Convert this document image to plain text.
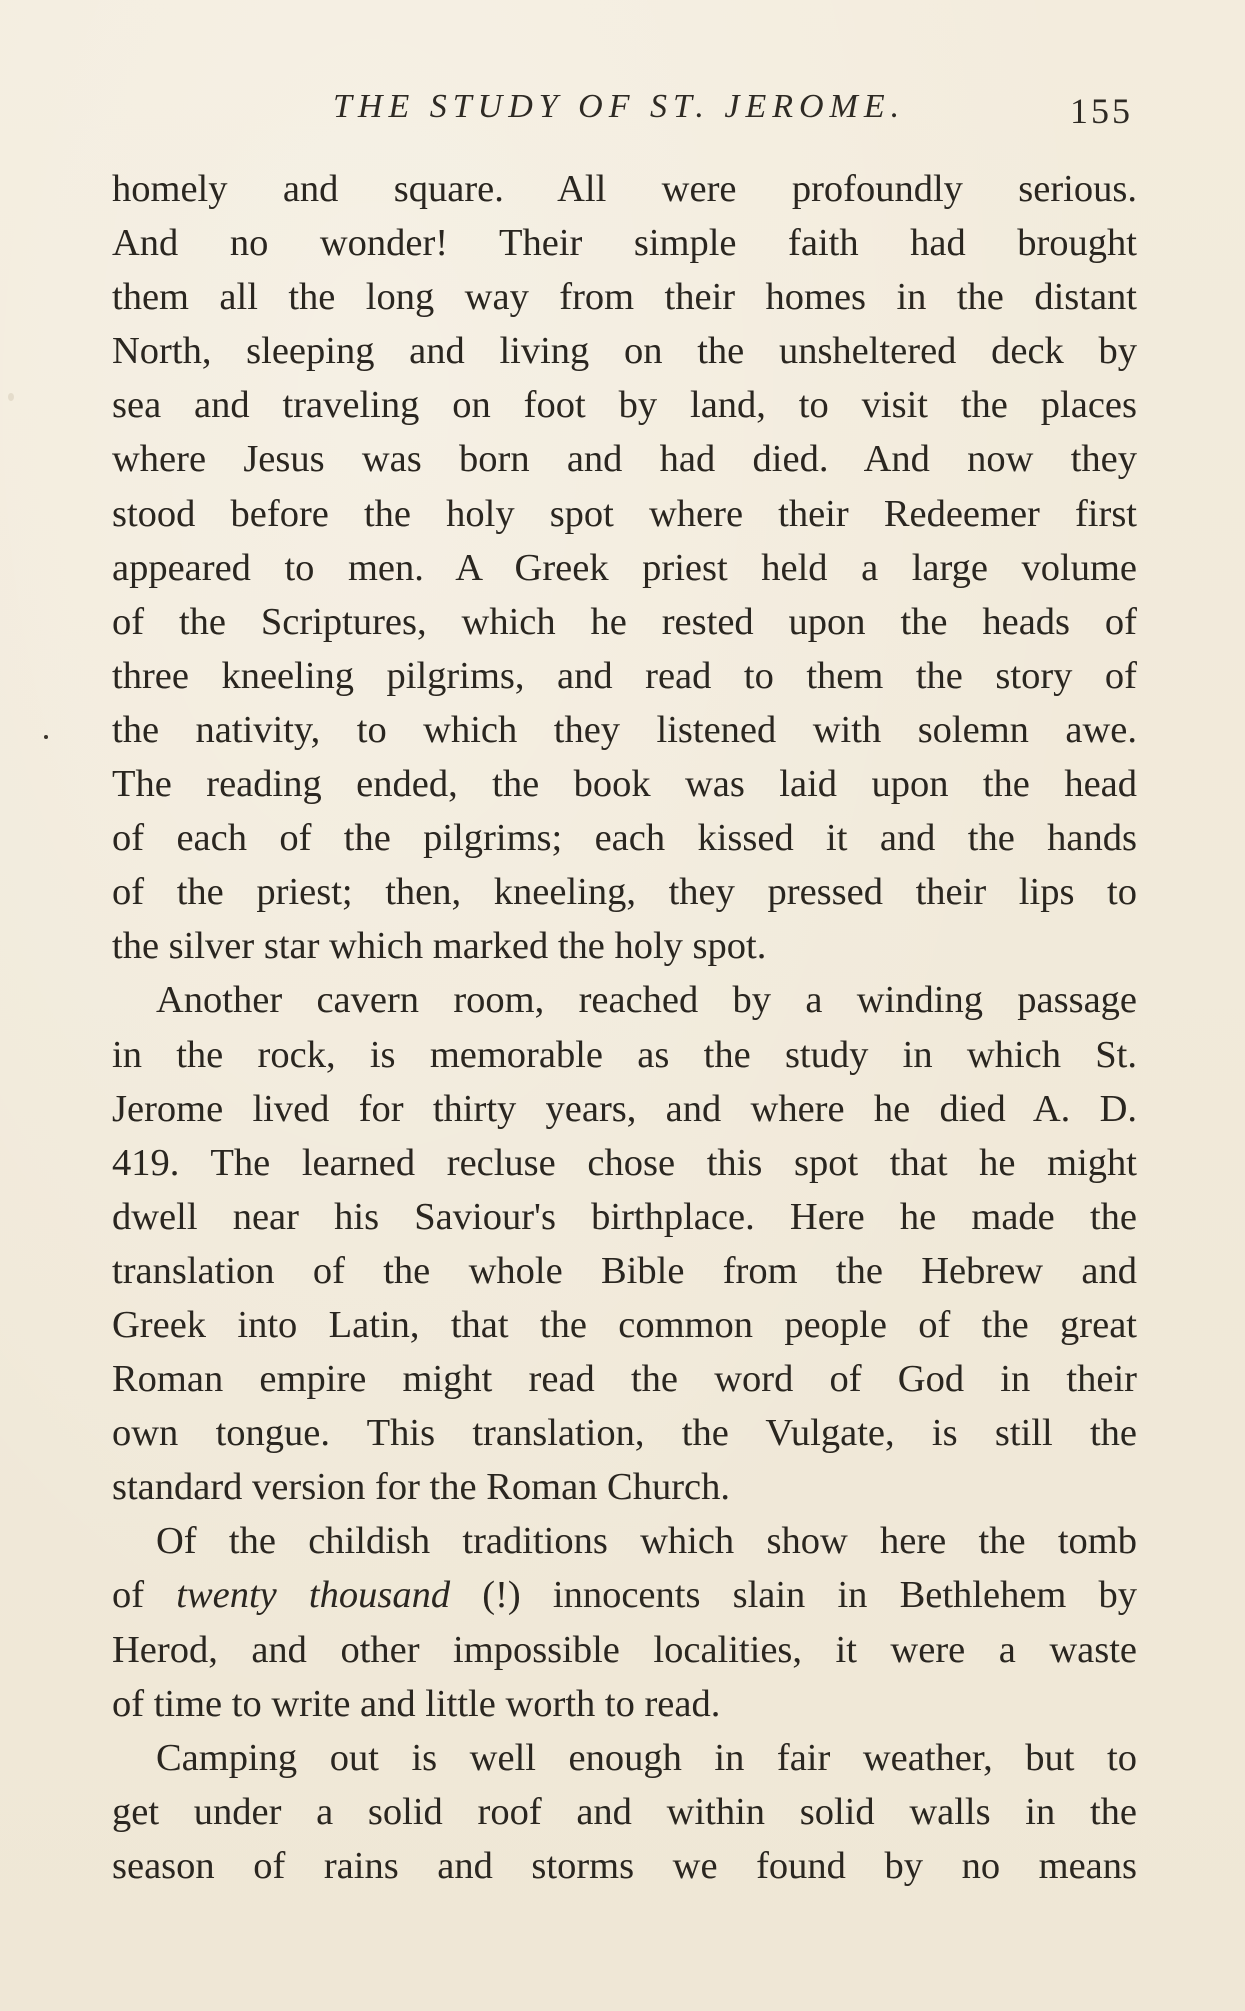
THE STUDY OF ST. JEROME.	155
homely and square. All were profoundly serious.
And no wonder! Their simple faith had brought
them all the long way from their homes in the distant
North, sleeping and living on the unsheltered deck by
sea and traveling on foot by land, to visit the places
where Jesus was born and had died. And now they
stood before the holy spot where their Redeemer first
appeared to men. A Greek priest held a large volume
of the Scriptures, which he rested upon the heads of
three kneeling pilgrims, and read to them the story of
the nativity, to which they listened with solemn awe.
The reading ended, the book was laid upon the head
of each of the pilgrims; each kissed it and the hands
of the priest; then, kneeling, they pressed their lips to
the silver star which marked the holy spot.
Another cavern room, reached by a winding passage
in the rock, is memorable as the study in which St.
Jerome lived for thirty years, and where he died A. D.
419. The learned recluse chose this spot that he might
dwell near his Saviour's birthplace. Here he made the
translation of the whole Bible from the Hebrew and
Greek into Latin, that the common people of the great
Roman empire might read the word of God in their
own tongue. This translation, the Vulgate, is still the
standard version for the Roman Church.
Of the childish traditions which show here the tomb
of twenty thousand (!) innocents slain in Bethlehem by
Herod, and other impossible localities, it were a waste
of time to write and little worth to read.
Camping out is well enough in fair weather, but to
get under a solid roof and within solid walls in the
season of rains and storms we found by no means
